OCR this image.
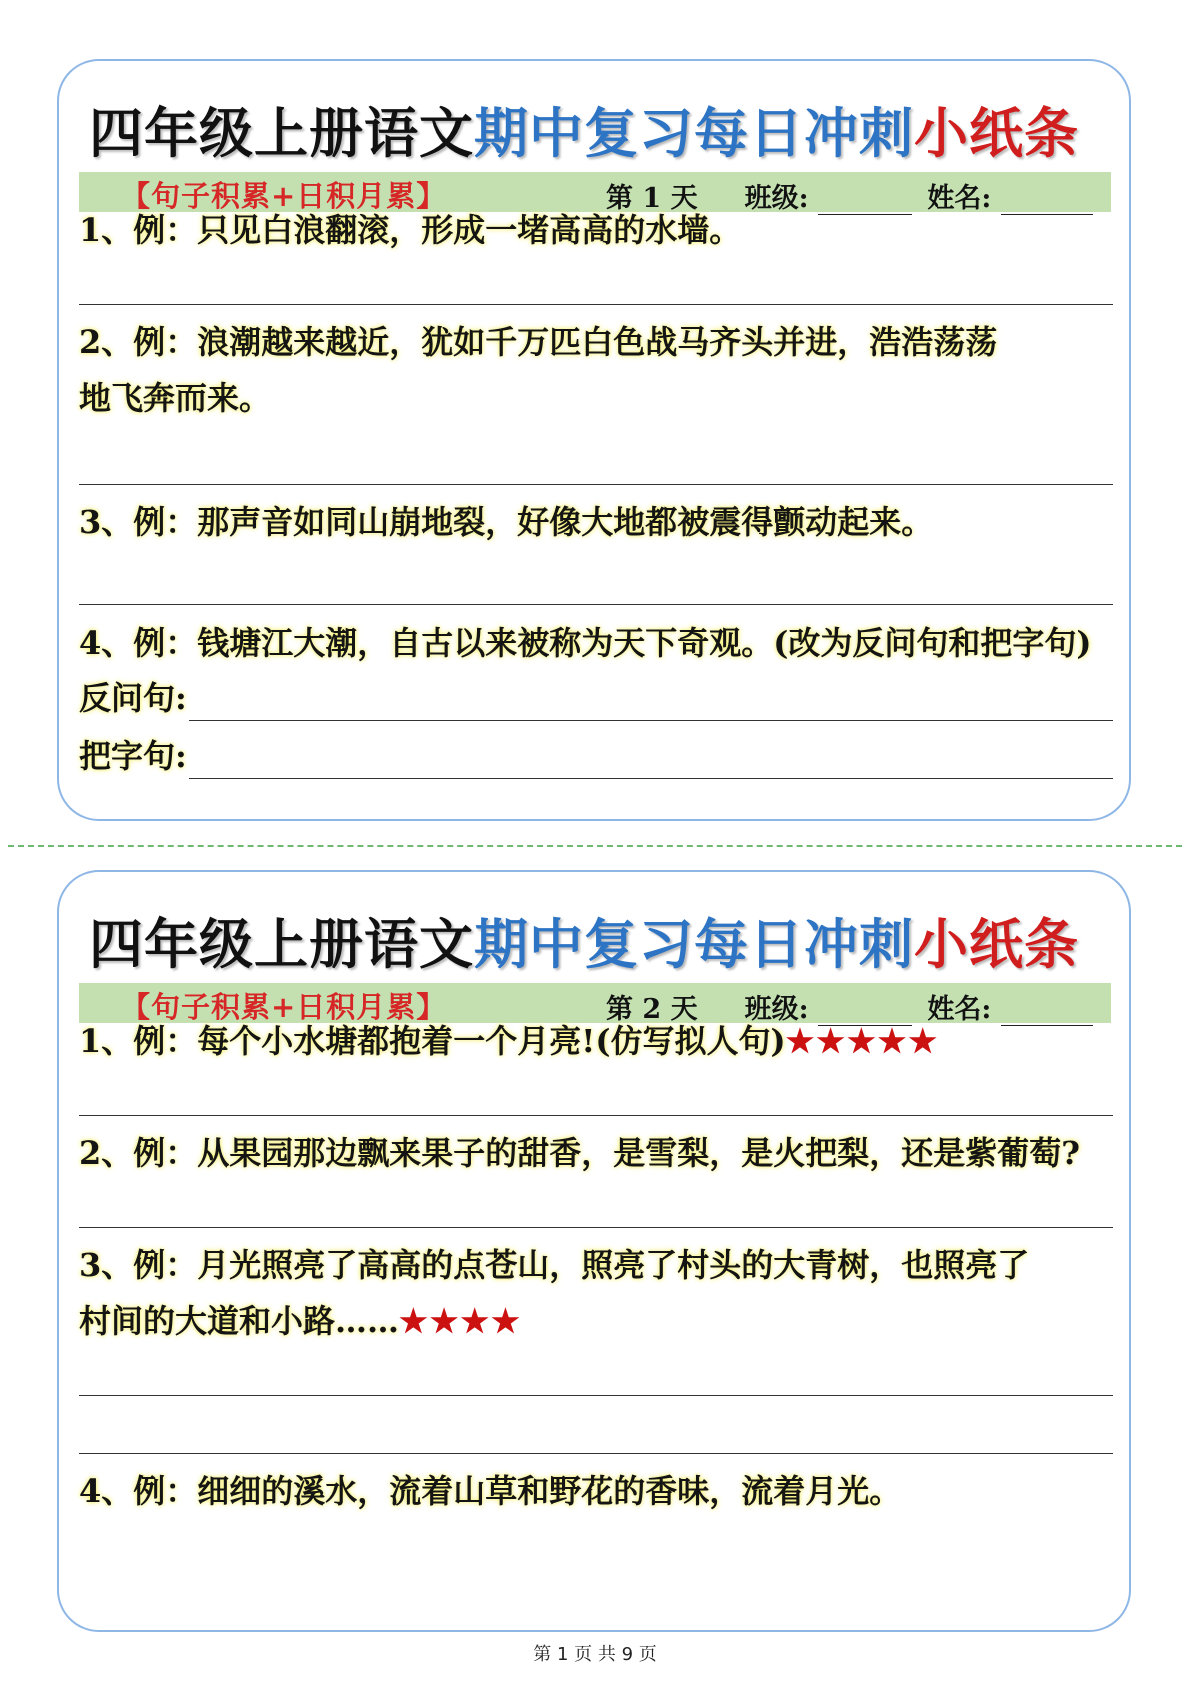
四年级上册语文期中复习每日冲刺小纸条
【句子积累+日积月累】	第 1 天 班级:	姓名:
1、例：只见白浪翻滚，形成一堵高高的水墙。
2、例：浪潮越来越近，犹如千万匹白色战马齐头并进，浩浩荡荡
地飞奔而来。
3、例：那声音如同山崩地裂，好像大地都被震得颤动起来。
4、例：钱塘江大潮，自古以来被称为天下奇观。(改为反问句和把字句)
反问句:
把字句:
四年级上册语文期中复习每日冲刺小纸条
【句子积累+日积月累】	第 2 天 班级:	姓名:
1、例：每个小水塘都抱着一个月亮!(仿写拟人句)★★★★★
2、例：从果园那边飘来果子的甜香，是雪梨，是火把梨，还是紫葡萄?
3、例：月光照亮了高高的点苍山，照亮了村头的大青树，也照亮了
村间的大道和小路……★★★★
4、例：细细的溪水，流着山草和野花的香味，流着月光。
第 1 页 共 9 页
